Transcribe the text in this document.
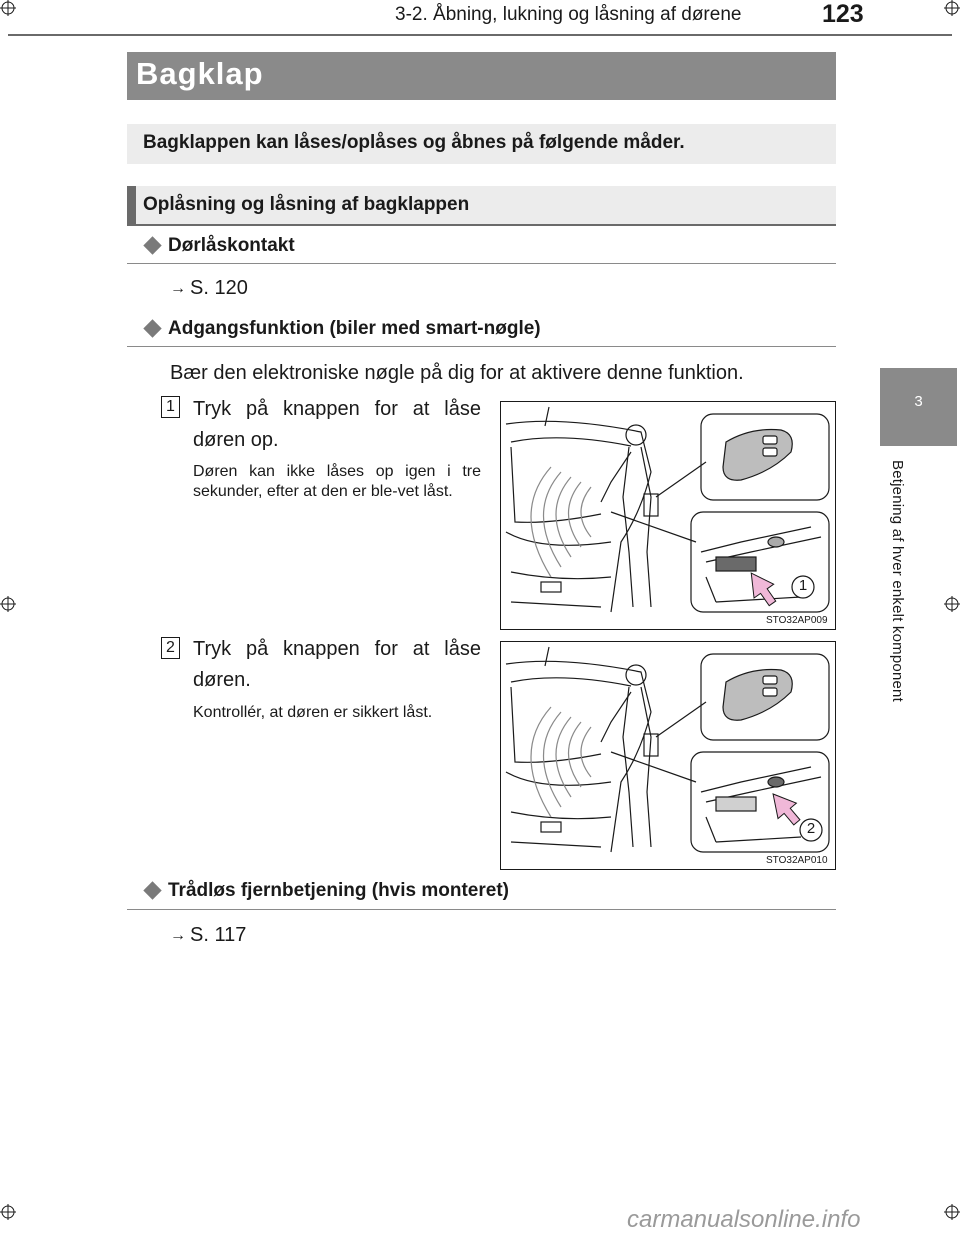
3-2. Åbning, lukning og låsning af dørene	123
3
Betjening af hver enkelt komponent
Bagklap
Bagklappen kan låses/oplåses og åbnes på følgende måder.
Oplåsning og låsning af bagklappen
Dørlåskontakt
→ S. 120
Adgangsfunktion (biler med smart-nøgle)
Bær den elektroniske nøgle på dig for at aktivere denne funktion.
1 Tryk på knappen for at låse døren op.
Døren kan ikke låses op igen i tre sekunder, efter at den er ble-vet låst.
1
STO32AP009
2 Tryk på knappen for at låse døren.
Kontrollér, at døren er sikkert låst.
2
STO32AP010
Trådløs fjernbetjening (hvis monteret)
→ S. 117
carmanualsonline.info
